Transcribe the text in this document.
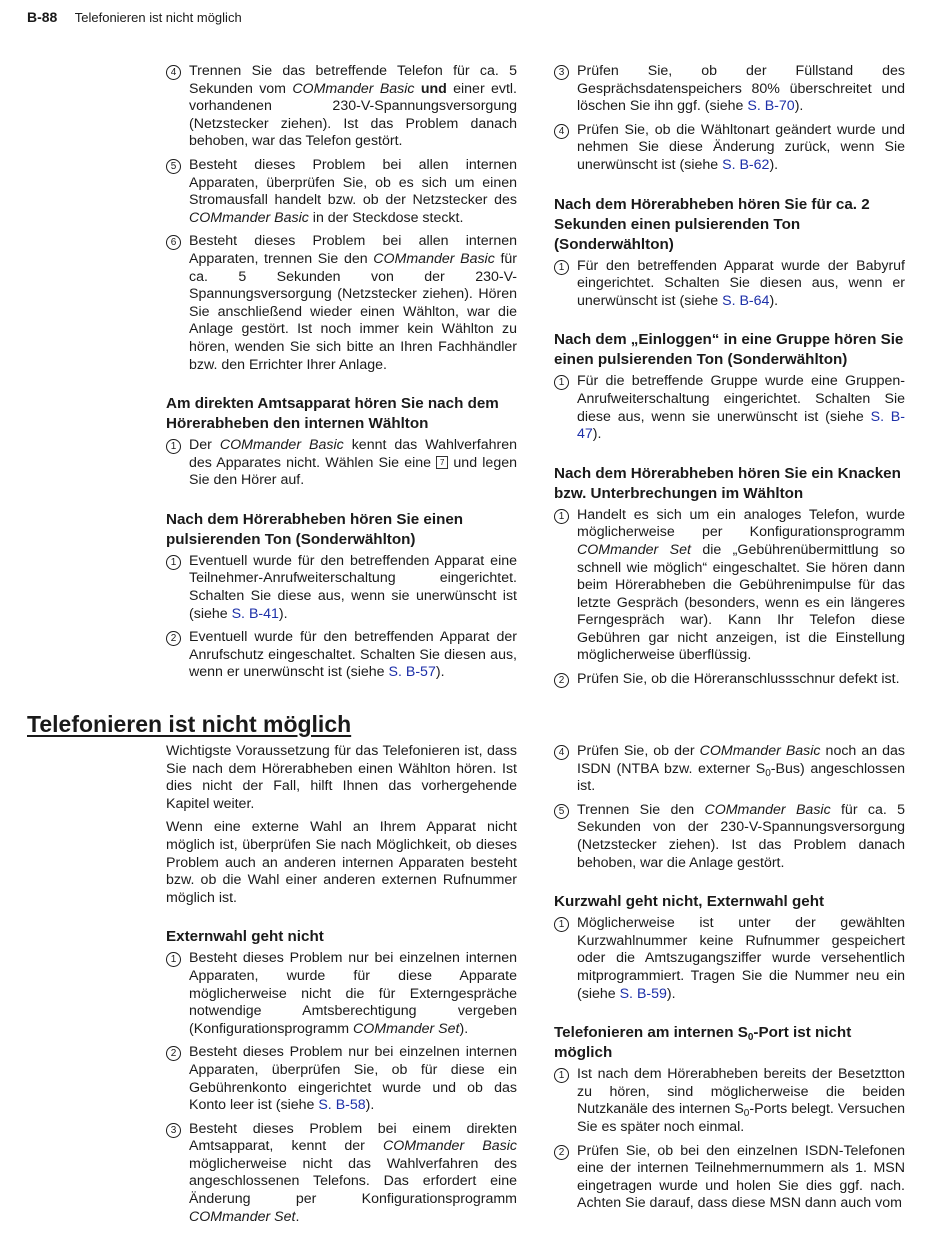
B-88 Telefonieren ist nicht möglich
4 Trennen Sie das betreffende Telefon für ca. 5 Sekunden vom COMmander Basic und einer evtl. vorhandenen 230-V-Spannungsversorgung (Netzstecker ziehen). Ist das Problem danach behoben, war das Telefon gestört.
5 Besteht dieses Problem bei allen internen Apparaten, überprüfen Sie, ob es sich um einen Stromausfall handelt bzw. ob der Netzstecker des COMmander Basic in der Steckdose steckt.
6 Besteht dieses Problem bei allen internen Apparaten, trennen Sie den COMmander Basic für ca. 5 Sekunden von der 230-V-Spannungsversorgung (Netzstecker ziehen). Hören Sie anschließend wieder einen Wählton, war die Anlage gestört. Ist noch immer kein Wählton zu hören, wenden Sie sich bitte an Ihren Fachhändler bzw. den Errichter Ihrer Anlage.
Am direkten Amtsapparat hören Sie nach dem Hörerabheben den internen Wählton
1 Der COMmander Basic kennt das Wahlverfahren des Apparates nicht. Wählen Sie eine 7 und legen Sie den Hörer auf.
Nach dem Hörerabheben hören Sie einen pulsierenden Ton (Sonderwählton)
1 Eventuell wurde für den betreffenden Apparat eine Teilnehmer-Anrufweiterschaltung eingerichtet. Schalten Sie diese aus, wenn sie unerwünscht ist (siehe S. B-41).
2 Eventuell wurde für den betreffenden Apparat der Anrufschutz eingeschaltet. Schalten Sie diesen aus, wenn er unerwünscht ist (siehe S. B-57).
3 Prüfen Sie, ob der Füllstand des Gesprächsdatenspeichers 80% überschreitet und löschen Sie ihn ggf. (siehe S. B-70).
4 Prüfen Sie, ob die Wähltonart geändert wurde und nehmen Sie diese Änderung zurück, wenn Sie unerwünscht ist (siehe S. B-62).
Nach dem Hörerabheben hören Sie für ca. 2 Sekunden einen pulsierenden Ton (Sonderwählton)
1 Für den betreffenden Apparat wurde der Babyruf eingerichtet. Schalten Sie diesen aus, wenn er unerwünscht ist (siehe S. B-64).
Nach dem „Einloggen“ in eine Gruppe hören Sie einen pulsierenden Ton (Sonderwählton)
1 Für die betreffende Gruppe wurde eine Gruppen-Anrufweiterschaltung eingerichtet. Schalten Sie diese aus, wenn sie unerwünscht ist (siehe S. B-47).
Nach dem Hörerabheben hören Sie ein Knacken bzw. Unterbrechungen im Wählton
1 Handelt es sich um ein analoges Telefon, wurde möglicherweise per Konfigurationsprogramm COMmander Set die „Gebührenübermittlung so schnell wie möglich“ eingeschaltet. Sie hören dann beim Hörerabheben die Gebührenimpulse für das letzte Gespräch (besonders, wenn es ein längeres Ferngespräch war). Kann Ihr Telefon diese Gebühren gar nicht anzeigen, ist die Einstellung möglicherweise überflüssig.
2 Prüfen Sie, ob die Höreranschlussschnur defekt ist.
Telefonieren ist nicht möglich

Wichtigste Voraussetzung für das Telefonieren ist, dass Sie nach dem Hörerabheben einen Wählton hören. Ist dies nicht der Fall, hilft Ihnen das vorhergehende Kapitel weiter.

Wenn eine externe Wahl an Ihrem Apparat nicht möglich ist, überprüfen Sie nach Möglichkeit, ob dieses Problem auch an anderen internen Apparaten besteht bzw. ob die Wahl einer anderen externen Rufnummer möglich ist.

Externwahl geht nicht
1 Besteht dieses Problem nur bei einzelnen internen Apparaten, wurde für diese Apparate möglicherweise nicht die für Externgespräche notwendige Amtsberechtigung vergeben (Konfigurationsprogramm COMmander Set).
2 Besteht dieses Problem nur bei einzelnen internen Apparaten, überprüfen Sie, ob für diese ein Gebührenkonto eingerichtet wurde und ob das Konto leer ist (siehe S. B-58).
3 Besteht dieses Problem bei einem direkten Amtsapparat, kennt der COMmander Basic möglicherweise nicht das Wahlverfahren des angeschlossenen Telefons. Das erfordert eine Änderung per Konfigurationsprogramm COMmander Set.
4 Prüfen Sie, ob der COMmander Basic noch an das ISDN (NTBA bzw. externer $S_0-Bus$) angeschlossen ist.
5 Trennen Sie den COMmander Basic für ca. 5 Sekunden von der 230-V-Spannungsversorgung (Netzstecker ziehen). Ist das Problem danach behoben, war die Anlage gestört.
Kurzwahl geht nicht, Externwahl geht
1 Möglicherweise ist unter der gewählten Kurzwahlnummer keine Rufnummer gespeichert oder die Amtszugangsziffer wurde versehentlich mitprogrammiert. Tragen Sie die Nummer neu ein (siehe S. B-59).
Telefonieren am internen $S_0$-Port ist nicht möglich
1 Ist nach dem Hörerabheben bereits der Besetztton zu hören, sind möglicherweise die beiden Nutzkanäle des internen $S_0$-Ports belegt. Versuchen Sie es später noch einmal.
2 Prüfen Sie, ob bei den einzelnen ISDN-Telefonen eine der internen Teilnehmernummern als 1. MSN eingetragen wurde und holen Sie dies ggf. nach. Achten Sie darauf, dass diese MSN dann auch vom
